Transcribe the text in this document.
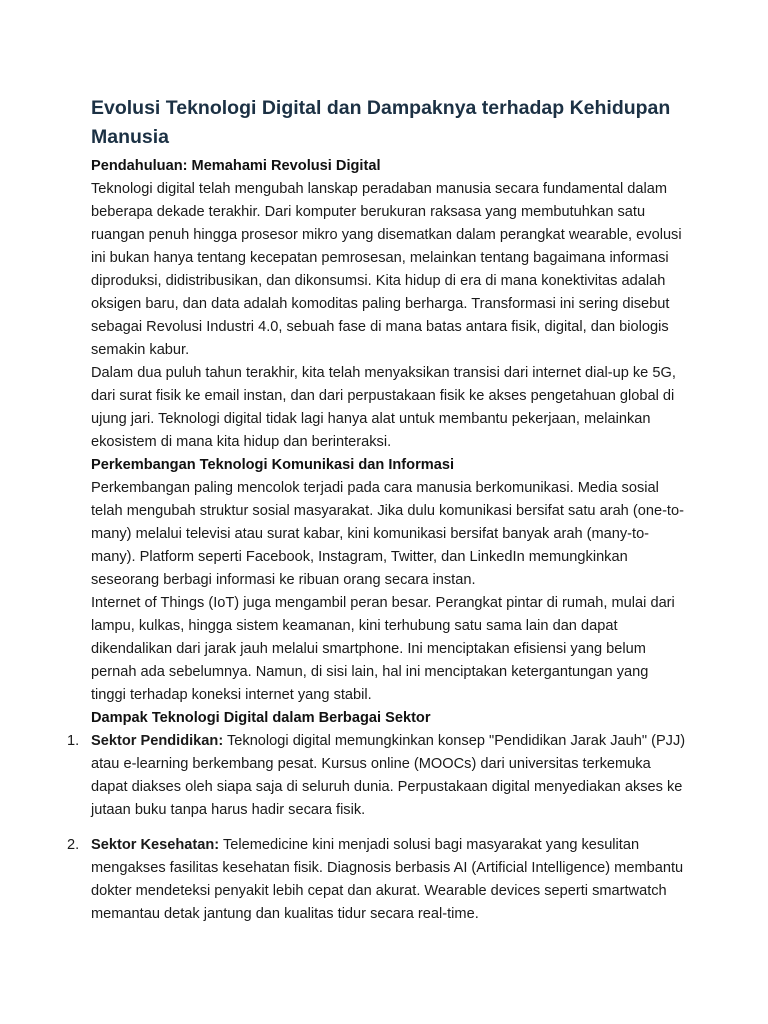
Evolusi Teknologi Digital dan Dampaknya terhadap Kehidupan Manusia
Pendahuluan: Memahami Revolusi Digital

Teknologi digital telah mengubah lanskap peradaban manusia secara fundamental dalam beberapa dekade terakhir. Dari komputer berukuran raksasa yang membutuhkan satu ruangan penuh hingga prosesor mikro yang disematkan dalam perangkat wearable, evolusi ini bukan hanya tentang kecepatan pemrosesan, melainkan tentang bagaimana informasi diproduksi, didistribusikan, dan dikonsumsi. Kita hidup di era di mana konektivitas adalah oksigen baru, dan data adalah komoditas paling berharga. Transformasi ini sering disebut sebagai Revolusi Industri 4.0, sebuah fase di mana batas antara fisik, digital, dan biologis semakin kabur.

Dalam dua puluh tahun terakhir, kita telah menyaksikan transisi dari internet dial-up ke 5G, dari surat fisik ke email instan, dan dari perpustakaan fisik ke akses pengetahuan global di ujung jari. Teknologi digital tidak lagi hanya alat untuk membantu pekerjaan, melainkan ekosistem di mana kita hidup dan berinteraksi.

Perkembangan Teknologi Komunikasi dan Informasi

Perkembangan paling mencolok terjadi pada cara manusia berkomunikasi. Media sosial telah mengubah struktur sosial masyarakat. Jika dulu komunikasi bersifat satu arah (one-to-many) melalui televisi atau surat kabar, kini komunikasi bersifat banyak arah (many-to-many). Platform seperti Facebook, Instagram, Twitter, dan LinkedIn memungkinkan seseorang berbagi informasi ke ribuan orang secara instan.

Internet of Things (IoT) juga mengambil peran besar. Perangkat pintar di rumah, mulai dari lampu, kulkas, hingga sistem keamanan, kini terhubung satu sama lain dan dapat dikendalikan dari jarak jauh melalui smartphone. Ini menciptakan efisiensi yang belum pernah ada sebelumnya. Namun, di sisi lain, hal ini menciptakan ketergantungan yang tinggi terhadap koneksi internet yang stabil.

Dampak Teknologi Digital dalam Berbagai Sektor
1. Sektor Pendidikan: Teknologi digital memungkinkan konsep "Pendidikan Jarak Jauh" (PJJ) atau e-learning berkembang pesat. Kursus online (MOOCs) dari universitas terkemuka dapat diakses oleh siapa saja di seluruh dunia. Perpustakaan digital menyediakan akses ke jutaan buku tanpa harus hadir secara fisik.
2. Sektor Kesehatan: Telemedicine kini menjadi solusi bagi masyarakat yang kesulitan mengakses fasilitas kesehatan fisik. Diagnosis berbasis AI (Artificial Intelligence) membantu dokter mendeteksi penyakit lebih cepat dan akurat. Wearable devices seperti smartwatch memantau detak jantung dan kualitas tidur secara real-time.
